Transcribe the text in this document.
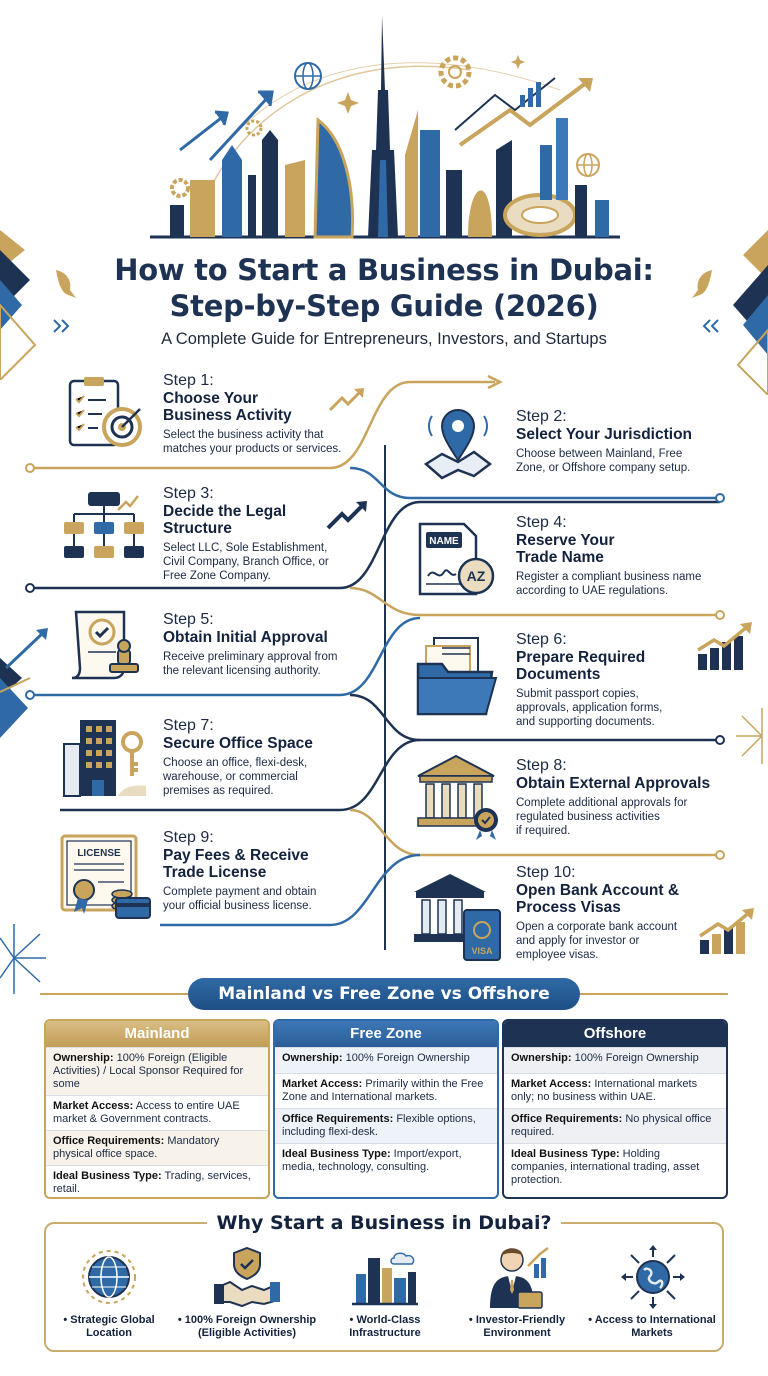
How to Start a Business in Dubai:
Step-by-Step Guide (2026)
A Complete Guide for Entrepreneurs, Investors, and Startups
NAME
AZ
LICENSE
VISA
Step 1:
Choose Your
Business Activity
Select the business activity that
matches your products or services.
Step 2:
Select Your Jurisdiction
Choose between Mainland, Free
Zone, or Offshore company setup.
Step 3:
Decide the Legal
Structure
Select LLC, Sole Establishment,
Civil Company, Branch Office, or
Free Zone Company.
Step 4:
Reserve Your
Trade Name
Register a compliant business name
according to UAE regulations.
Step 5:
Obtain Initial Approval
Receive preliminary approval from
the relevant licensing authority.
Step 6:
Prepare Required
Documents
Submit passport copies,
approvals, application forms,
and supporting documents.
Step 7:
Secure Office Space
Choose an office, flexi-desk,
warehouse, or commercial
premises as required.
Step 8:
Obtain External Approvals
Complete additional approvals for
regulated business activities
if required.
Step 9:
Pay Fees & Receive
Trade License
Complete payment and obtain
your official business license.
Step 10:
Open Bank Account &
Process Visas
Open a corporate bank account
and apply for investor or
employee visas.
Mainland vs Free Zone vs Offshore
Mainland
Ownership: 100% Foreign (Eligible Activities) / Local Sponsor Required for some
Market Access: Access to entire UAE market & Government contracts.
Office Requirements: Mandatory physical office space.
Ideal Business Type: Trading, services, retail.
Free Zone
Ownership: 100% Foreign Ownership
Market Access: Primarily within the Free Zone and International markets.
Office Requirements: Flexible options, including flexi-desk.
Ideal Business Type: Import/export, media, technology, consulting.
Offshore
Ownership: 100% Foreign Ownership
Market Access: International markets only; no business within UAE.
Office Requirements: No physical office required.
Ideal Business Type: Holding companies, international trading, asset protection.
Why Start a Business in Dubai?
• Strategic Global
Location
• 100% Foreign Ownership
(Eligible Activities)
• World-Class
Infrastructure
• Investor-Friendly
Environment
• Access to International
Markets
